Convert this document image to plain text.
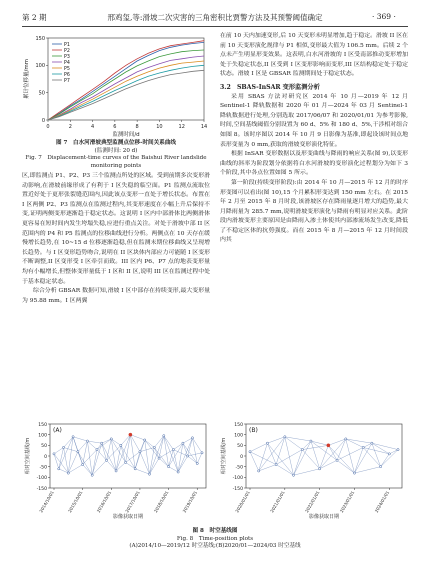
第 2 期	邢鸡玺,等:滑坡二次灾害的三角密积比贾警方法及其预警阈值确定	· 369 ·
0
50
100
150
0	2	4	6	8	10	12	14
监测时间/d
累计位移量/mm
P1
P2
P3
P4
P5
P6
P7
图 7　白水河滑坡典型监测点位移-时间关系曲线
(监测时间: 20 d)
Fig. 7　Displacement-time curves of the Baishui River landslide
monitoring points

区,即监测点 P1、P2、P3 三个监测点所处的区域。受到前期多次变形滑动影响,在滑坡前缘形成了有利于 I 区失稳的临空面。P1 监测点流取位置近好处于更形张裂缝范围内,因此该点变形一直处于增长状态。布置在 I 区两侧 P2、P3 监测点在监测过程内,其变形速度在小幅上升后保持不变,证明两侧变形逐渐趋于稳定状态。这说明 I 区内中部滑体比两侧滑体更容易在短时间内发生垮塌失稳,应进行重点关注。对处于滑坡中部 II 区范围内的 P4 和 P5 监测点的位移曲线进行分析。两侧点在 10 天存在缓慢增长趋势,在 10~15 d 位移逐渐趋稳,但在监测末期位移曲线又呈现增长趋势。与 I 区变形趋势吻合,说明在 II 区块体内部应力可能随 I 区变形不断调整,II 区变形受 I 区牵引而致。III 区内 P6、P7 点的地表变形量均有小幅增长,但整体变形量低于 I 区和 II 区,说明 III 区在监测过程中处于基本稳定状态。

综合分析 GBSAR 数据可知,滑坡 I 区中部存在持续变形,最大变形量为 95.88 mm。I 区两翼

在前 10 天内加速变形,后 10 天变形未明显增加,趋于稳定。滑坡 II 区在前 10 天变形演化规律与 P1 相似,变形最大值为 106.5 mm。后续 2 个点未产生明显形变效果。这表明,白水河滑坡的 I 区受南部推动变形增加处于失稳定状态,II 区受到 I 区变形影响而变形,III 区结构稳定处于稳定状态。滑坡 I 区是 GBSAR 监测期间处于稳定状态。

3.2　SBAS-InSAR 变形监测分析

采用 SBAS 方法对研究区 2014 年 10 月—2019 年 12 月 Sentinel-1 降轨数据和 2020 年 01 月—2024 年 03 月 Sentinel-1 降轨数据进行处理,分别选取 2017/06/07 和 2020/01/01 为参考影像,时间,空间基线阈值分别设置为 60 d、5% 和 180 d、5%,干涉相对组合如图 8。该时序图以 2014 年 10 月 9 日影像为基准,即起设该时间点地表形变量为 0 mm,获取的滑坡变形演化特征。

根据 InSAR 变形数据以及形变曲线与降雨的响应关系(图 9),以变形曲线的斜率为阶段划分依据将白水河滑坡的变形演化过程划分为如下 3 个阶段,其中各点位置如图 5 所示。

第一阶段(持续变形阶段):由 2014 年 10 月—2015 年 12 月的时序形变图可以看出(图 10),15 个月累积形变达到 150 mm 左右。在 2015 年 2 月至 2015 年 8 月时段,该滑坡区存在降雨量逐月增大的趋势,最大月降雨量为 285.7 mm,说明滑坡变形演化与降雨有明显对应关系。此阶段内滑坡变形主要原因是由降雨入渗土体使其内部渗流场发生改变,降低了不稳定区体的抗剪强度。而在 2015 年 8 月—2015 年 12 月时间段内其

(A)
-150
-100
-50
0
50
100
150
2014/10/01	2015/10/01	2016/10/01	2017/10/01	2018/10/01	2019/10/01
影像获取日期
相对空间基线/m
(B)
-150
-100
-50
0
50
100
150
2020/01/01	2021/01/01	2022/01/01	2023/01/01	2024/01/01
影像获取日期
相对空间基线/m
图 8　时空基线图
Fig. 8　Time-position plots
(A)2014/10—2019/12 时空基线;(B)2020/01—2024/03 时空基线
